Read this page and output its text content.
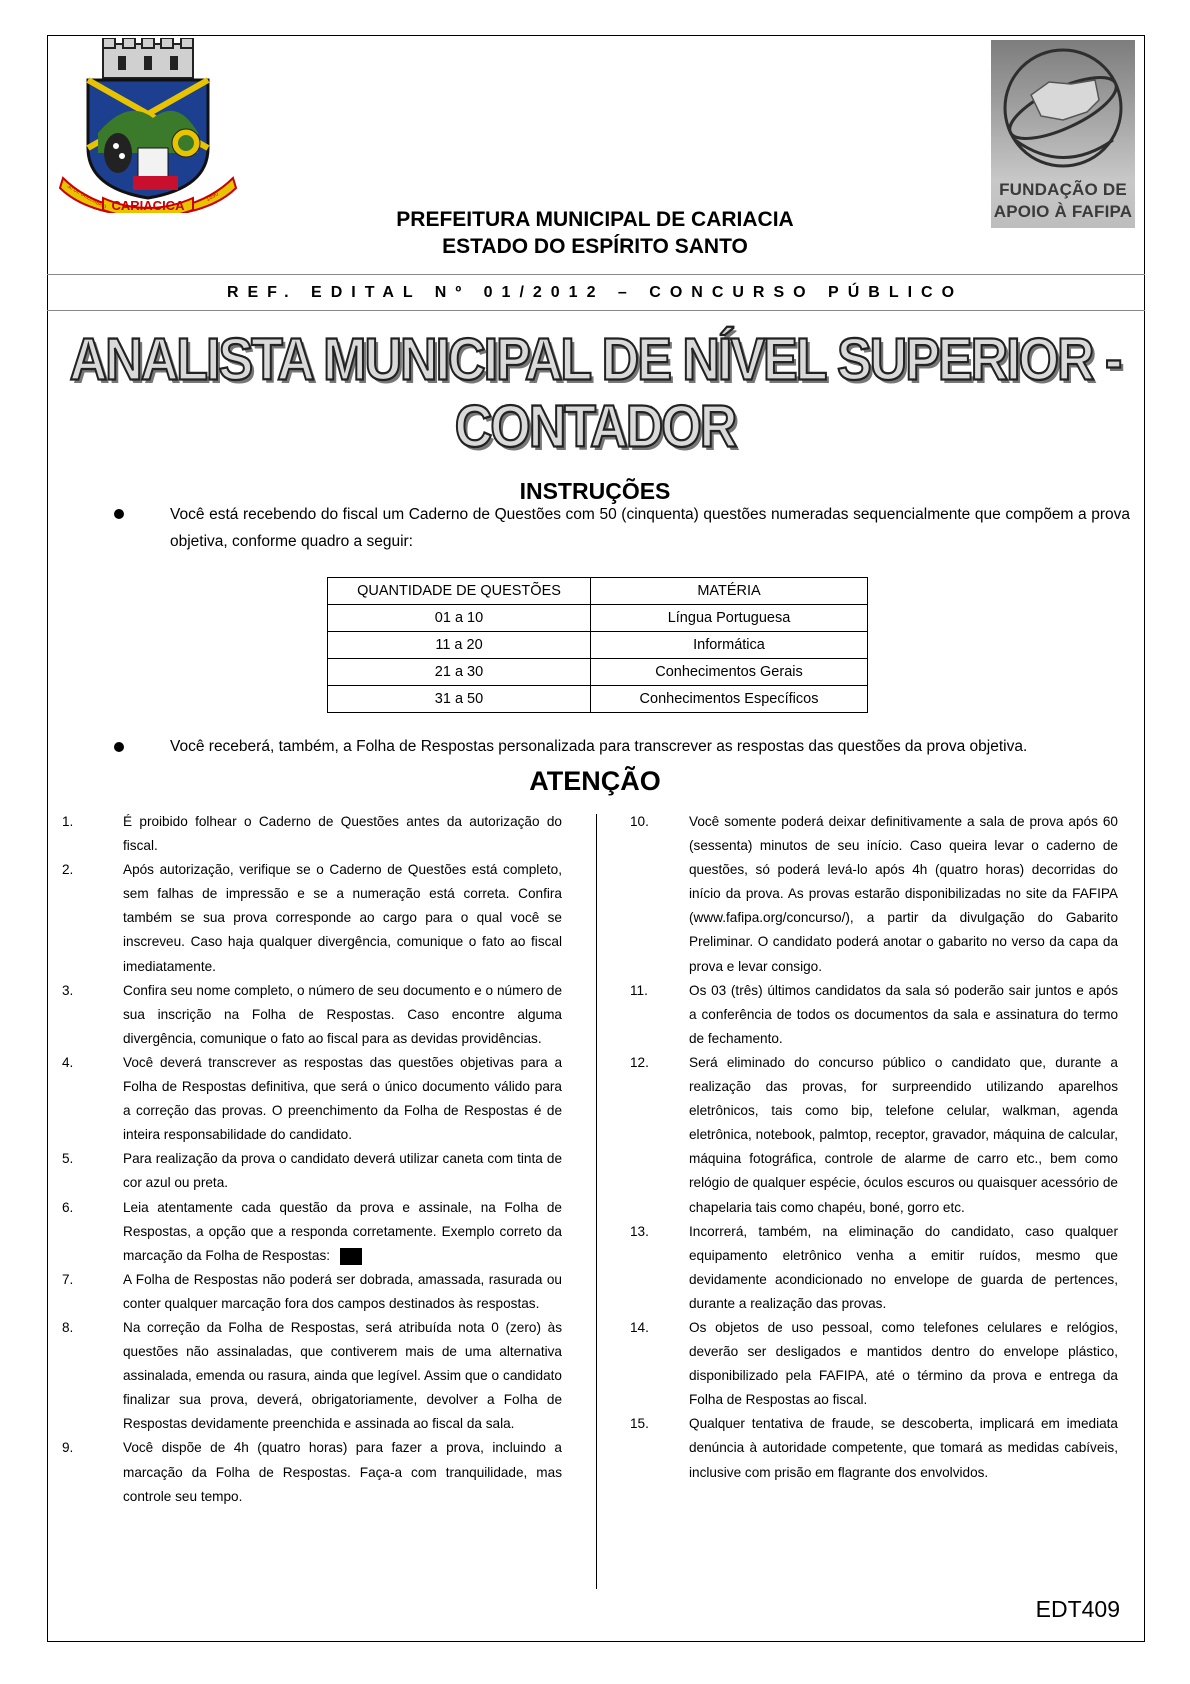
CARIACICA
30 DE DEZEMBRO	1890	FUNDAÇÃO DE
APOIO À FAFIPA
PREFEITURA MUNICIPAL DE CARIACIA
ESTADO DO ESPÍRITO SANTO
REF. EDITAL Nº 01/2012 – CONCURSO PÚBLICO
ANALISTA MUNICIPAL DE NÍVEL SUPERIOR -
CONTADOR
INSTRUÇÕES
Você está recebendo do fiscal um Caderno de Questões com 50 (cinquenta) questões numeradas sequencialmente que compõem a prova objetiva, conforme quadro a seguir:
QUANTIDADE DE QUESTÕES	MATÉRIA
01 a 10	Língua Portuguesa
11 a 20	Informática
21 a 30	Conhecimentos Gerais
31 a 50	Conhecimentos Específicos
Você receberá, também, a Folha de Respostas personalizada para transcrever as respostas das questões da prova objetiva.
ATENÇÃO
1.	É proibido folhear o Caderno de Questões antes da autorização do fiscal.
2.	Após autorização, verifique se o Caderno de Questões está completo, sem falhas de impressão e se a numeração está correta. Confira também se sua prova corresponde ao cargo para o qual você se inscreveu. Caso haja qualquer divergência, comunique o fato ao fiscal imediatamente.
3.	Confira seu nome completo, o número de seu documento e o número de sua inscrição na Folha de Respostas. Caso encontre alguma divergência, comunique o fato ao fiscal para as devidas providências.
4.	Você deverá transcrever as respostas das questões objetivas para a Folha de Respostas definitiva, que será o único documento válido para a correção das provas. O preenchimento da Folha de Respostas é de inteira responsabilidade do candidato.
5.	Para realização da prova o candidato deverá utilizar caneta com tinta de cor azul ou preta.
6.	Leia atentamente cada questão da prova e assinale, na Folha de Respostas, a opção que a responda corretamente. Exemplo correto da marcação da Folha de Respostas:
7.	A Folha de Respostas não poderá ser dobrada, amassada, rasurada ou conter qualquer marcação fora dos campos destinados às respostas.
8.	Na correção da Folha de Respostas, será atribuída nota 0 (zero) às questões não assinaladas, que contiverem mais de uma alternativa assinalada, emenda ou rasura, ainda que legível. Assim que o candidato finalizar sua prova, deverá, obrigatoriamente, devolver a Folha de Respostas devidamente preenchida e assinada ao fiscal da sala.
9.	Você dispõe de 4h (quatro horas) para fazer a prova, incluindo a marcação da Folha de Respostas. Faça-a com tranquilidade, mas controle seu tempo.
10.	Você somente poderá deixar definitivamente a sala de prova após 60 (sessenta) minutos de seu início. Caso queira levar o caderno de questões, só poderá levá-lo após 4h (quatro horas) decorridas do início da prova. As provas estarão disponibilizadas no site da FAFIPA (www.fafipa.org/concurso/), a partir da divulgação do Gabarito Preliminar. O candidato poderá anotar o gabarito no verso da capa da prova e levar consigo.
11.	Os 03 (três) últimos candidatos da sala só poderão sair juntos e após a conferência de todos os documentos da sala e assinatura do termo de fechamento.
12.	Será eliminado do concurso público o candidato que, durante a realização das provas, for surpreendido utilizando aparelhos eletrônicos, tais como bip, telefone celular, walkman, agenda eletrônica, notebook, palmtop, receptor, gravador, máquina de calcular, máquina fotográfica, controle de alarme de carro etc., bem como relógio de qualquer espécie, óculos escuros ou quaisquer acessório de chapelaria tais como chapéu, boné, gorro etc.
13.	Incorrerá, também, na eliminação do candidato, caso qualquer equipamento eletrônico venha a emitir ruídos, mesmo que devidamente acondicionado no envelope de guarda de pertences, durante a realização das provas.
14.	Os objetos de uso pessoal, como telefones celulares e relógios, deverão ser desligados e mantidos dentro do envelope plástico, disponibilizado pela FAFIPA, até o término da prova e entrega da Folha de Respostas ao fiscal.
15.	Qualquer tentativa de fraude, se descoberta, implicará em imediata denúncia à autoridade competente, que tomará as medidas cabíveis, inclusive com prisão em flagrante dos envolvidos.
EDT409
